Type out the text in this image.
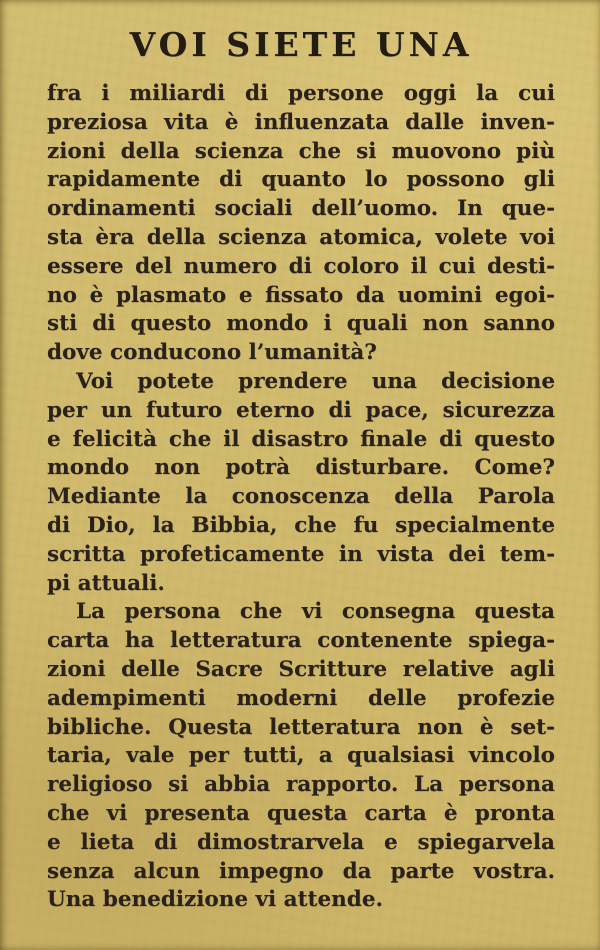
VOI SIETE UNA
fra i miliardi di persone oggi la cui
preziosa vita è influenzata dalle inven-
zioni della scienza che si muovono più
rapidamente di quanto lo possono gli
ordinamenti sociali dell’uomo. In que-
sta èra della scienza atomica, volete voi
essere del numero di coloro il cui desti-
no è plasmato e fissato da uomini egoi-
sti di questo mondo i quali non sanno
dove conducono l’umanità?
Voi potete prendere una decisione
per un futuro eterno di pace, sicurezza
e felicità che il disastro finale di questo
mondo non potrà disturbare. Come?
Mediante la conoscenza della Parola
di Dio, la Bibbia, che fu specialmente
scritta profeticamente in vista dei tem-
pi attuali.
La persona che vi consegna questa
carta ha letteratura contenente spiega-
zioni delle Sacre Scritture relative agli
adempimenti moderni delle profezie
bibliche. Questa letteratura non è set-
taria, vale per tutti, a qualsiasi vincolo
religioso si abbia rapporto. La persona
che vi presenta questa carta è pronta
e lieta di dimostrarvela e spiegarvela
senza alcun impegno da parte vostra.
Una benedizione vi attende.
